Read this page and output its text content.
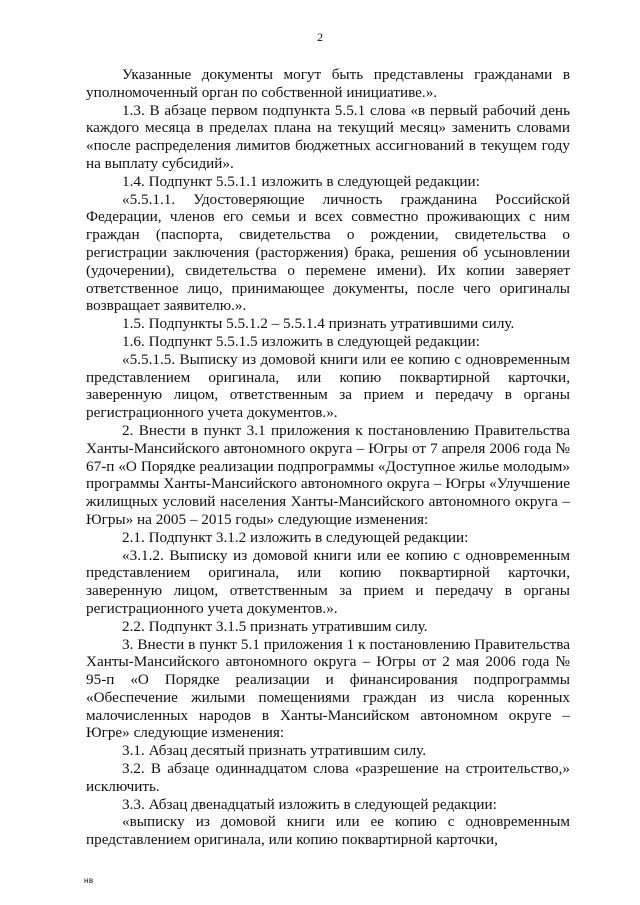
2

Указанные документы могут быть представлены гражданами в уполномоченный орган по собственной инициативе.».

1.3. В абзаце первом подпункта 5.5.1 слова «в первый рабочий день каждого месяца в пределах плана на текущий месяц» заменить словами «после распределения лимитов бюджетных ассигнований в текущем году на выплату субсидий».

1.4. Подпункт 5.5.1.1 изложить в следующей редакции:

«5.5.1.1. Удостоверяющие личность гражданина Российской Федерации, членов его семьи и всех совместно проживающих с ним граждан (паспорта, свидетельства о рождении, свидетельства о регистрации заключения (расторжения) брака, решения об усыновлении (удочерении), свидетельства о перемене имени). Их копии заверяет ответственное лицо, принимающее документы, после чего оригиналы возвращает заявителю.».

1.5. Подпункты 5.5.1.2 – 5.5.1.4 признать утратившими силу.

1.6. Подпункт 5.5.1.5 изложить в следующей редакции:

«5.5.1.5. Выписку из домовой книги или ее копию с одновременным представлением оригинала, или копию поквартирной карточки, заверенную лицом, ответственным за прием и передачу в органы регистрационного учета документов.».

2. Внести в пункт 3.1 приложения к постановлению Правительства Ханты-Мансийского автономного округа – Югры от 7 апреля 2006 года № 67-п «О Порядке реализации подпрограммы «Доступное жилье молодым» программы Ханты-Мансийского автономного округа – Югры «Улучшение жилищных условий населения Ханты-Мансийского автономного округа – Югры» на 2005 – 2015 годы» следующие изменения:

2.1. Подпункт 3.1.2 изложить в следующей редакции:

«3.1.2. Выписку из домовой книги или ее копию с одновременным представлением оригинала, или копию поквартирной карточки, заверенную лицом, ответственным за прием и передачу в органы регистрационного учета документов.».

2.2. Подпункт 3.1.5 признать утратившим силу.

3. Внести в пункт 5.1 приложения 1 к постановлению Правительства Ханты-Мансийского автономного округа – Югры от 2 мая 2006 года № 95-п «О Порядке реализации и финансирования подпрограммы «Обеспечение жилыми помещениями граждан из числа коренных малочисленных народов в Ханты-Мансийском автономном округе – Югре» следующие изменения:

3.1. Абзац десятый признать утратившим силу.

3.2. В абзаце одиннадцатом слова «разрешение на строительство,» исключить.

3.3. Абзац двенадцатый изложить в следующей редакции:

«выписку из домовой книги или ее копию с одновременным представлением оригинала, или копию поквартирной карточки,

нв
